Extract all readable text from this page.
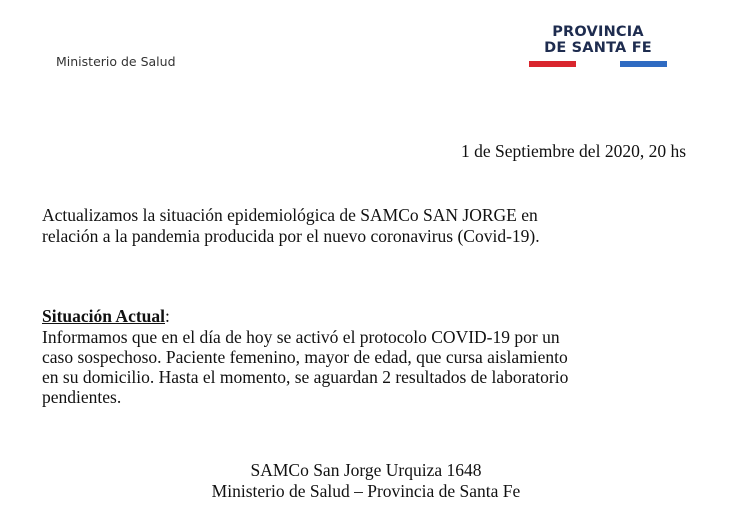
Ministerio de Salud
PROVINCIA
DE SANTA FE
1 de Septiembre del 2020, 20 hs
Actualizamos la situación epidemiológica de SAMCo SAN JORGE en
relación a la pandemia producida por el nuevo coronavirus (Covid-19).
Situación Actual:
Informamos que en el día de hoy se activó el protocolo COVID-19 por un
caso sospechoso. Paciente femenino, mayor de edad, que cursa aislamiento
en su domicilio. Hasta el momento, se aguardan 2 resultados de laboratorio
pendientes.
SAMCo San Jorge Urquiza 1648
Ministerio de Salud – Provincia de Santa Fe
